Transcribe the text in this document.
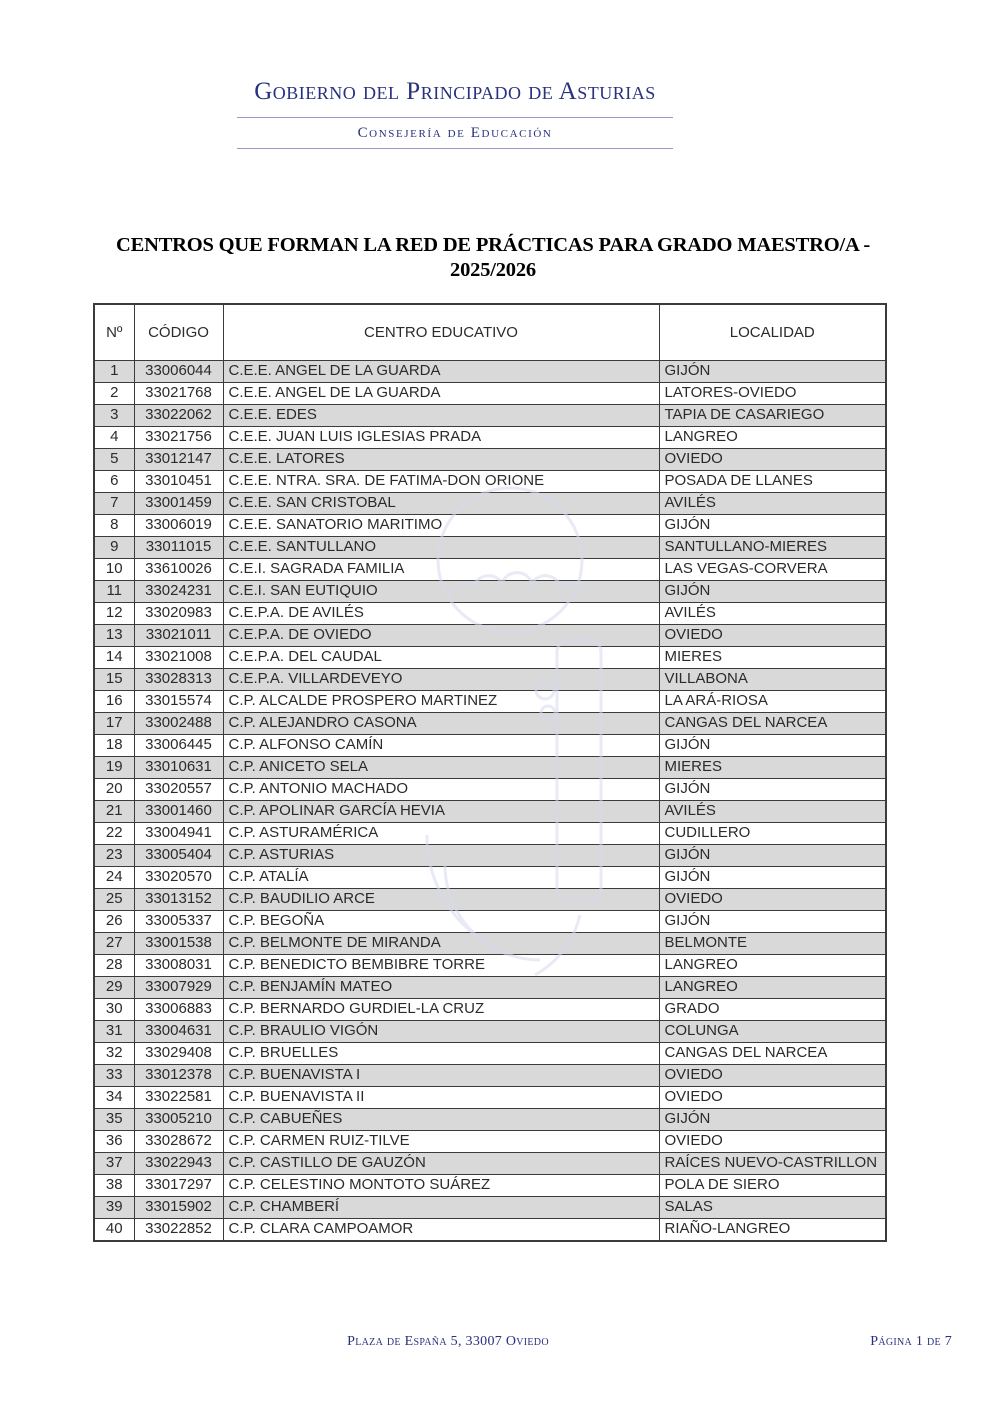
Gobierno del Principado de Asturias
Consejería de Educación
CENTROS QUE FORMAN LA RED DE PRÁCTICAS PARA GRADO MAESTRO/A -
2025/2026
Nº	CÓDIGO	CENTRO EDUCATIVO	LOCALIDAD
1	33006044	C.E.E. ANGEL DE LA GUARDA	GIJÓN
2	33021768	C.E.E. ANGEL DE LA GUARDA	LATORES-OVIEDO
3	33022062	C.E.E. EDES	TAPIA DE CASARIEGO
4	33021756	C.E.E. JUAN LUIS IGLESIAS PRADA	LANGREO
5	33012147	C.E.E. LATORES	OVIEDO
6	33010451	C.E.E. NTRA. SRA. DE FATIMA-DON ORIONE	POSADA DE LLANES
7	33001459	C.E.E. SAN CRISTOBAL	AVILÉS
8	33006019	C.E.E. SANATORIO MARITIMO	GIJÓN
9	33011015	C.E.E. SANTULLANO	SANTULLANO-MIERES
10	33610026	C.E.I. SAGRADA FAMILIA	LAS VEGAS-CORVERA
11	33024231	C.E.I. SAN EUTIQUIO	GIJÓN
12	33020983	C.E.P.A. DE AVILÉS	AVILÉS
13	33021011	C.E.P.A. DE OVIEDO	OVIEDO
14	33021008	C.E.P.A. DEL CAUDAL	MIERES
15	33028313	C.E.P.A. VILLARDEVEYO	VILLABONA
16	33015574	C.P. ALCALDE PROSPERO MARTINEZ	LA ARÁ-RIOSA
17	33002488	C.P. ALEJANDRO CASONA	CANGAS DEL NARCEA
18	33006445	C.P. ALFONSO CAMÍN	GIJÓN
19	33010631	C.P. ANICETO SELA	MIERES
20	33020557	C.P. ANTONIO MACHADO	GIJÓN
21	33001460	C.P. APOLINAR GARCÍA HEVIA	AVILÉS
22	33004941	C.P. ASTURAMÉRICA	CUDILLERO
23	33005404	C.P. ASTURIAS	GIJÓN
24	33020570	C.P. ATALÍA	GIJÓN
25	33013152	C.P. BAUDILIO ARCE	OVIEDO
26	33005337	C.P. BEGOÑA	GIJÓN
27	33001538	C.P. BELMONTE DE MIRANDA	BELMONTE
28	33008031	C.P. BENEDICTO BEMBIBRE TORRE	LANGREO
29	33007929	C.P. BENJAMÍN MATEO	LANGREO
30	33006883	C.P. BERNARDO GURDIEL-LA CRUZ	GRADO
31	33004631	C.P. BRAULIO VIGÓN	COLUNGA
32	33029408	C.P. BRUELLES	CANGAS DEL NARCEA
33	33012378	C.P. BUENAVISTA I	OVIEDO
34	33022581	C.P. BUENAVISTA II	OVIEDO
35	33005210	C.P. CABUEÑES	GIJÓN
36	33028672	C.P. CARMEN RUIZ-TILVE	OVIEDO
37	33022943	C.P. CASTILLO DE GAUZÓN	RAÍCES NUEVO-CASTRILLON
38	33017297	C.P. CELESTINO MONTOTO SUÁREZ	POLA DE SIERO
39	33015902	C.P. CHAMBERÍ	SALAS
40	33022852	C.P. CLARA CAMPOAMOR	RIAÑO-LANGREO
Plaza de España 5, 33007 Oviedo	Página 1 de 7
